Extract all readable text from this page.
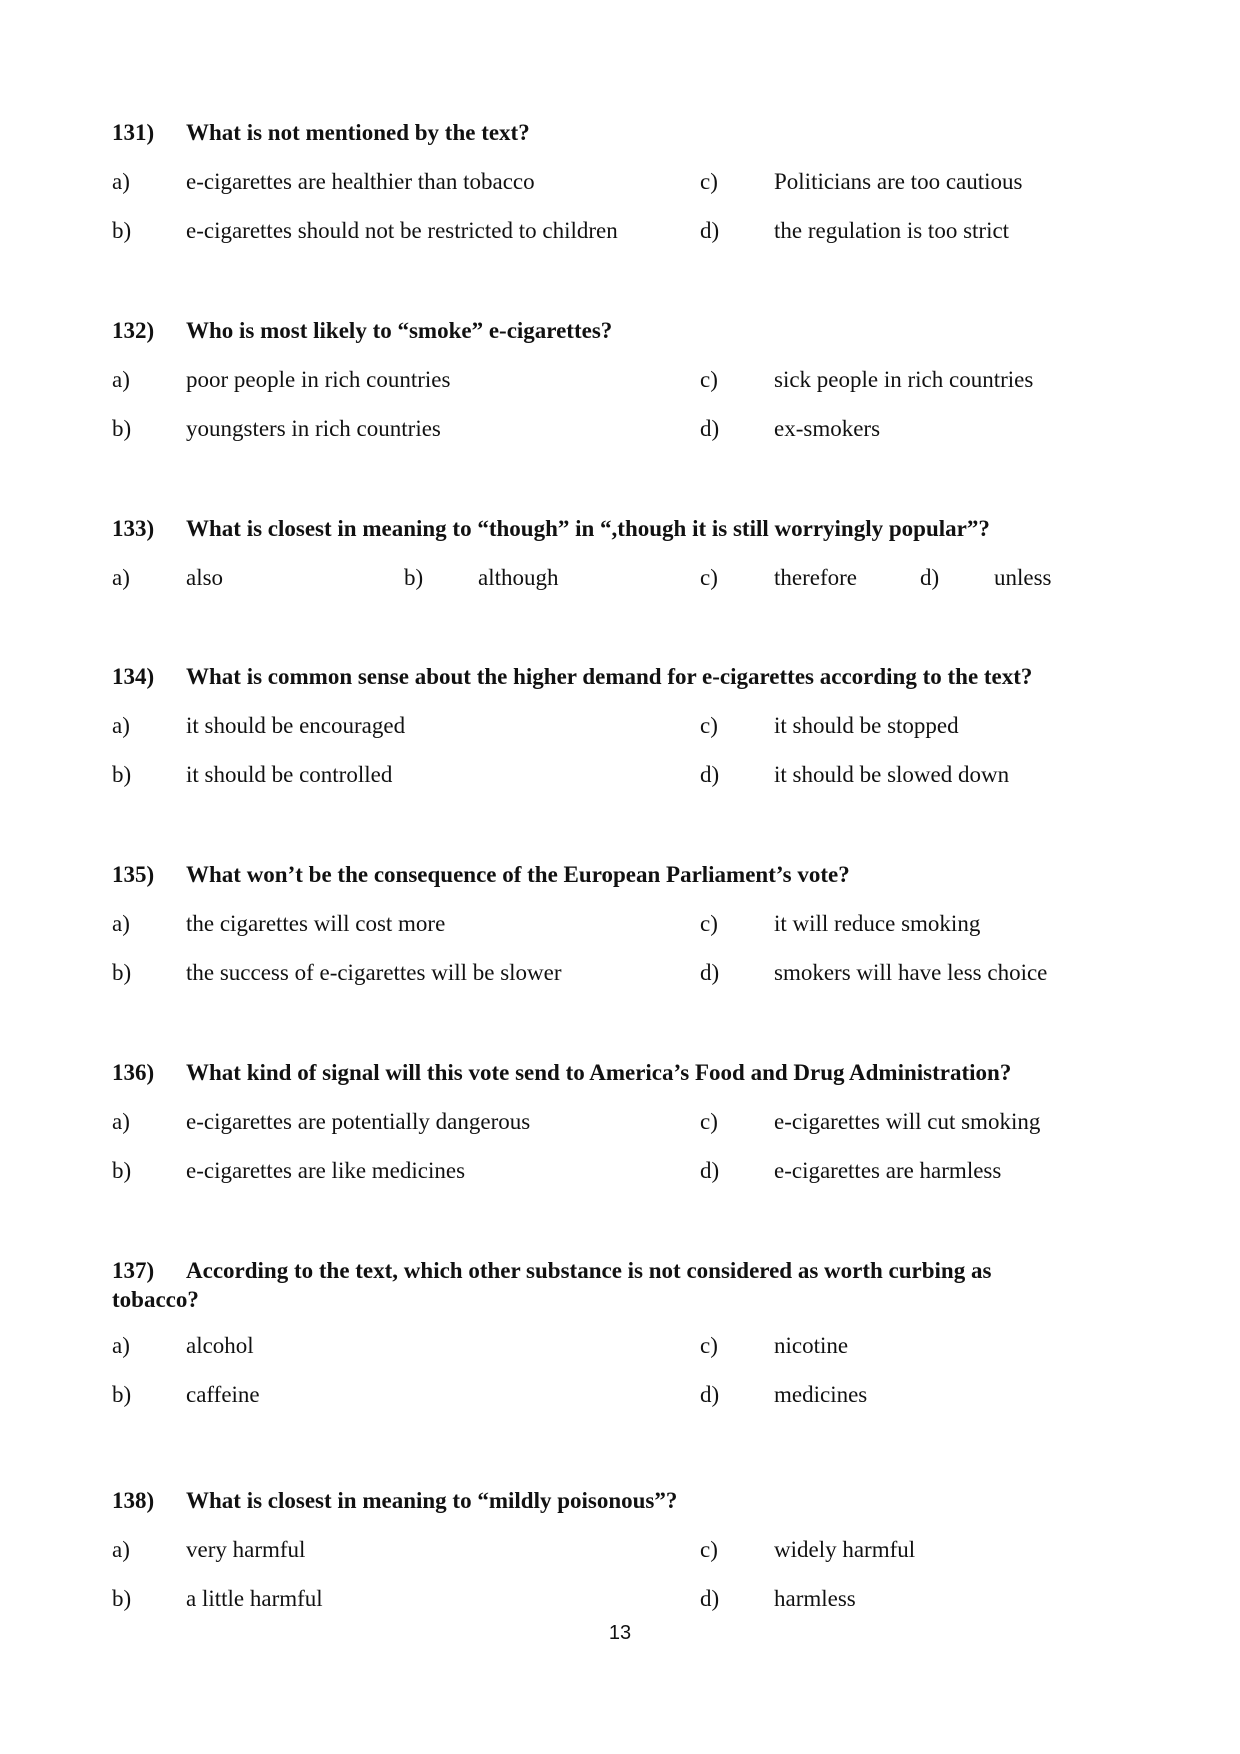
131) What is not mentioned by the text?
a) e-cigarettes are healthier than tobacco	c) Politicians are too cautious
b) e-cigarettes should not be restricted to children	d) the regulation is too strict
132) Who is most likely to “smoke” e-cigarettes?
a) poor people in rich countries	c) sick people in rich countries
b) youngsters in rich countries	d) ex-smokers
133) What is closest in meaning to “though” in “,though it is still worryingly popular”?
a) also	b) although	c) therefore	d) unless
134) What is common sense about the higher demand for e-cigarettes according to the text?
a) it should be encouraged	c) it should be stopped
b) it should be controlled	d) it should be slowed down
135) What won’t be the consequence of the European Parliament’s vote?
a) the cigarettes will cost more	c) it will reduce smoking
b) the success of e-cigarettes will be slower	d) smokers will have less choice
136) What kind of signal will this vote send to America’s Food and Drug Administration?
a) e-cigarettes are potentially dangerous	c) e-cigarettes will cut smoking
b) e-cigarettes are like medicines	d) e-cigarettes are harmless
137) According to the text, which other substance is not considered as worth curbing as
tobacco?
a) alcohol	c) nicotine
b) caffeine	d) medicines
138) What is closest in meaning to “mildly poisonous”?
a) very harmful	c) widely harmful
b) a little harmful	d) harmless
13
